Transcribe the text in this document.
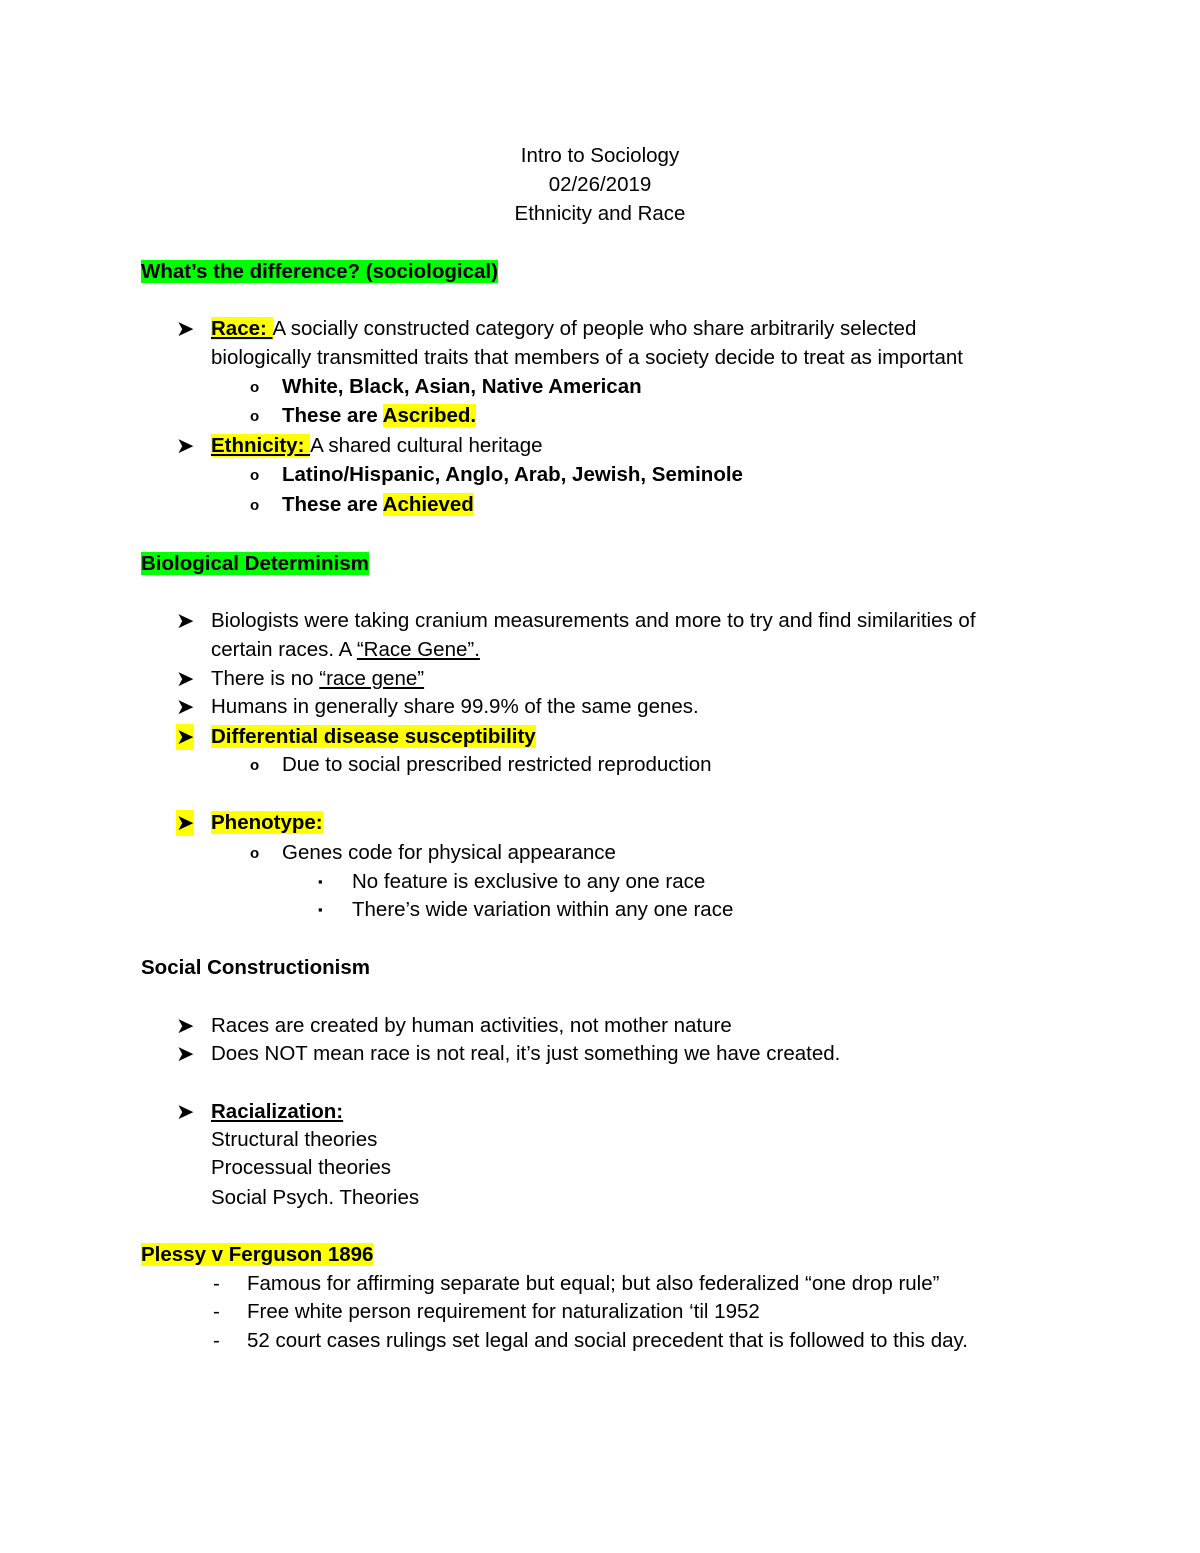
Intro to Sociology
02/26/2019
Ethnicity and Race
What’s the difference? (sociological)
➤ Race: A socially constructed category of people who share arbitrarily selected
biologically transmitted traits that members of a society decide to treat as important
o White, Black, Asian, Native American
o These are Ascribed.
➤ Ethnicity: A shared cultural heritage
o Latino/Hispanic, Anglo, Arab, Jewish, Seminole
o These are Achieved
Biological Determinism
➤ Biologists were taking cranium measurements and more to try and find similarities of
certain races. A “Race Gene”.
➤ There is no “race gene”
➤ Humans in generally share 99.9% of the same genes.
➤ Differential disease susceptibility
o Due to social prescribed restricted reproduction
➤ Phenotype:
o Genes code for physical appearance
▪ No feature is exclusive to any one race
▪ There’s wide variation within any one race
Social Constructionism
➤ Races are created by human activities, not mother nature
➤ Does NOT mean race is not real, it’s just something we have created.
➤ Racialization:
Structural theories
Processual theories
Social Psych. Theories
Plessy v Ferguson 1896
- Famous for affirming separate but equal; but also federalized “one drop rule”
- Free white person requirement for naturalization ‘til 1952
- 52 court cases rulings set legal and social precedent that is followed to this day.
